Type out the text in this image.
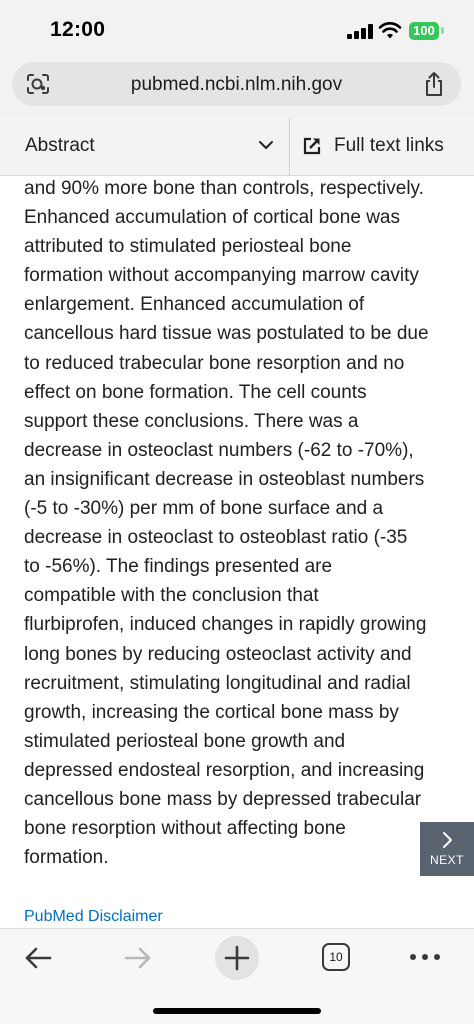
12:00	100
pubmed.ncbi.nlm.nih.gov
Abstract	Full text links
and 90% more bone than controls, respectively.
Enhanced accumulation of cortical bone was
attributed to stimulated periosteal bone
formation without accompanying marrow cavity
enlargement. Enhanced accumulation of
cancellous hard tissue was postulated to be due
to reduced trabecular bone resorption and no
effect on bone formation. The cell counts
support these conclusions. There was a
decrease in osteoclast numbers (-62 to -70%),
an insignificant decrease in osteoblast numbers
(-5 to -30%) per mm of bone surface and a
decrease in osteoclast to osteoblast ratio (-35
to -56%). The findings presented are
compatible with the conclusion that
flurbiprofen, induced changes in rapidly growing
long bones by reducing osteoclast activity and
recruitment, stimulating longitudinal and radial
growth, increasing the cortical bone mass by
stimulated periosteal bone growth and
depressed endosteal resorption, and increasing
cancellous bone mass by depressed trabecular
bone resorption without affecting bone
formation.	NEXT
PubMed Disclaimer
10
